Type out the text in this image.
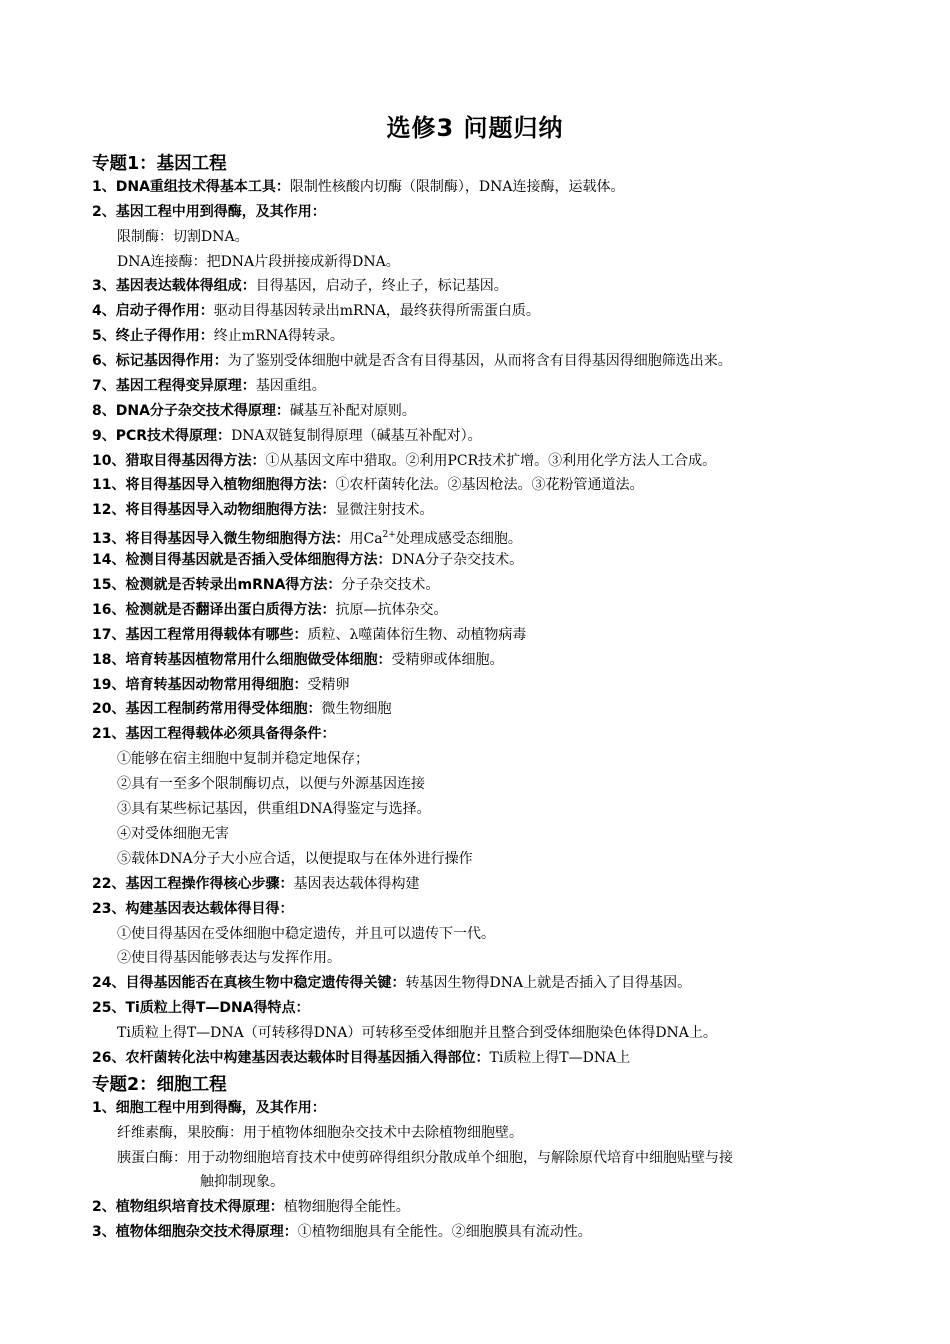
选修3 问题归纳
专题1：基因工程
1、DNA重组技术得基本工具：限制性核酸内切酶（限制酶），DNA连接酶，运载体。
2、基因工程中用到得酶，及其作用：
限制酶：切割DNA。
DNA连接酶：把DNA片段拼接成新得DNA。
3、基因表达载体得组成：目得基因，启动子，终止子，标记基因。
4、启动子得作用：驱动目得基因转录出mRNA，最终获得所需蛋白质。
5、终止子得作用：终止mRNA得转录。
6、标记基因得作用：为了鉴别受体细胞中就是否含有目得基因，从而将含有目得基因得细胞筛选出来。
7、基因工程得变异原理：基因重组。
8、DNA分子杂交技术得原理：碱基互补配对原则。
9、PCR技术得原理：DNA双链复制得原理（碱基互补配对）。
10、猎取目得基因得方法：①从基因文库中猎取。②利用PCR技术扩增。③利用化学方法人工合成。
11、将目得基因导入植物细胞得方法：①农杆菌转化法。②基因枪法。③花粉管通道法。
12、将目得基因导入动物细胞得方法：显微注射技术。
13、将目得基因导入微生物细胞得方法：用$Ca^{2+}$处理成感受态细胞。
14、检测目得基因就是否插入受体细胞得方法：DNA分子杂交技术。
15、检测就是否转录出mRNA得方法：分子杂交技术。
16、检测就是否翻译出蛋白质得方法：抗原—抗体杂交。
17、基因工程常用得载体有哪些：质粒、λ噬菌体衍生物、动植物病毒
18、培育转基因植物常用什么细胞做受体细胞：受精卵或体细胞。
19、培育转基因动物常用得细胞：受精卵
20、基因工程制药常用得受体细胞：微生物细胞
21、基因工程得载体必须具备得条件：
①能够在宿主细胞中复制并稳定地保存；
②具有一至多个限制酶切点，以便与外源基因连接
③具有某些标记基因，供重组DNA得鉴定与选择。
④对受体细胞无害
⑤载体DNA分子大小应合适，以便提取与在体外进行操作
22、基因工程操作得核心步骤：基因表达载体得构建
23、构建基因表达载体得目得：
①使目得基因在受体细胞中稳定遗传，并且可以遗传下一代。
②使目得基因能够表达与发挥作用。
24、目得基因能否在真核生物中稳定遗传得关键：转基因生物得DNA上就是否插入了目得基因。
25、Ti质粒上得T—DNA得特点：
Ti质粒上得T—DNA（可转移得DNA）可转移至受体细胞并且整合到受体细胞染色体得DNA上。
26、农杆菌转化法中构建基因表达载体时目得基因插入得部位：Ti质粒上得T—DNA上
专题2：细胞工程
1、细胞工程中用到得酶，及其作用：
纤维素酶，果胶酶：用于植物体细胞杂交技术中去除植物细胞壁。
胰蛋白酶：用于动物细胞培育技术中使剪碎得组织分散成单个细胞，与解除原代培育中细胞贴壁与接
触抑制现象。
2、植物组织培育技术得原理：植物细胞得全能性。
3、植物体细胞杂交技术得原理：①植物细胞具有全能性。②细胞膜具有流动性。
